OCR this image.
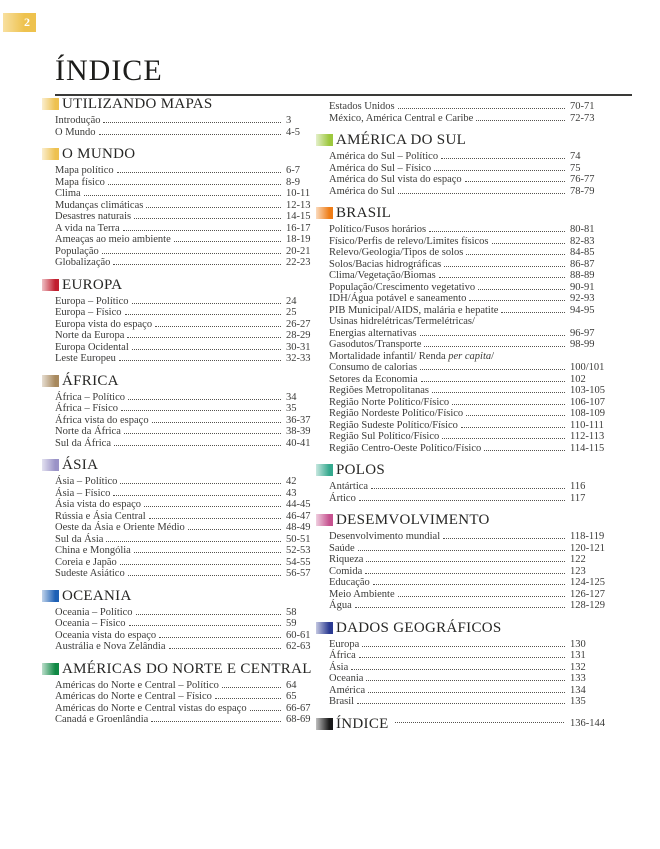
2
ÍNDICE
UTILIZANDO MAPAS
Introdução	3
O Mundo	4-5
O MUNDO
Mapa político	6-7
Mapa físico	8-9
Clima	10-11
Mudanças climáticas	12-13
Desastres naturais	14-15
A vida na Terra	16-17
Ameaças ao meio ambiente	18-19
População	20-21
Globalização	22-23
EUROPA
Europa – Político	24
Europa – Físico	25
Europa vista do espaço	26-27
Norte da Europa	28-29
Europa Ocidental	30-31
Leste Europeu	32-33
ÁFRICA
África – Político	34
África – Físico	35
África vista do espaço	36-37
Norte da África	38-39
Sul da África	40-41
ÁSIA
Ásia – Político	42
Ásia – Físico	43
Ásia vista do espaço	44-45
Rússia e Ásia Central	46-47
Oeste da Ásia e Oriente Médio	48-49
Sul da Ásia	50-51
China e Mongólia	52-53
Coreia e Japão	54-55
Sudeste Asiático	56-57
OCEANIA
Oceania – Político	58
Oceania – Físico	59
Oceania vista do espaço	60-61
Austrália e Nova Zelândia	62-63
AMÉRICAS DO NORTE E CENTRAL
Américas do Norte e Central – Político	64
Américas do Norte e Central – Físico	65
Américas do Norte e Central vistas do espaço	66-67
Canadá e Groenlândia	68-69
Estados Unidos	70-71
México, América Central e Caribe	72-73
AMÉRICA DO SUL
América do Sul – Político	74
América do Sul – Físico	75
América do Sul vista do espaço	76-77
América do Sul	78-79
BRASIL
Político/Fusos horários	80-81
Físico/Perfis de relevo/Limites físicos	82-83
Relevo/Geologia/Tipos de solos	84-85
Solos/Bacias hidrográficas	86-87
Clima/Vegetação/Biomas	88-89
População/Crescimento vegetativo	90-91
IDH/Água potável e saneamento	92-93
PIB Municipal/AIDS, malária e hepatite	94-95
Usinas hidrelétricas/Termelétricas/
Energias alternativas	96-97
Gasodutos/Transporte	98-99
Mortalidade infantil/ Renda per capita/
Consumo de calorias	100/101
Setores da Economia	102
Regiões Metropolitanas	103-105
Região Norte Político/Físico	106-107
Região Nordeste Político/Físico	108-109
Região Sudeste Político/Físico	110-111
Região Sul Político/Físico	112-113
Região Centro-Oeste Político/Físico	114-115
POLOS
Antártica	116
Ártico	117
DESEMVOLVIMENTO
Desenvolvimento mundial	118-119
Saúde	120-121
Riqueza	122
Comida	123
Educação	124-125
Meio Ambiente	126-127
Água	128-129
DADOS GEOGRÁFICOS
Europa	130
África	131
Ásia	132
Oceania	133
América	134
Brasil	135
ÍNDICE	136-144
